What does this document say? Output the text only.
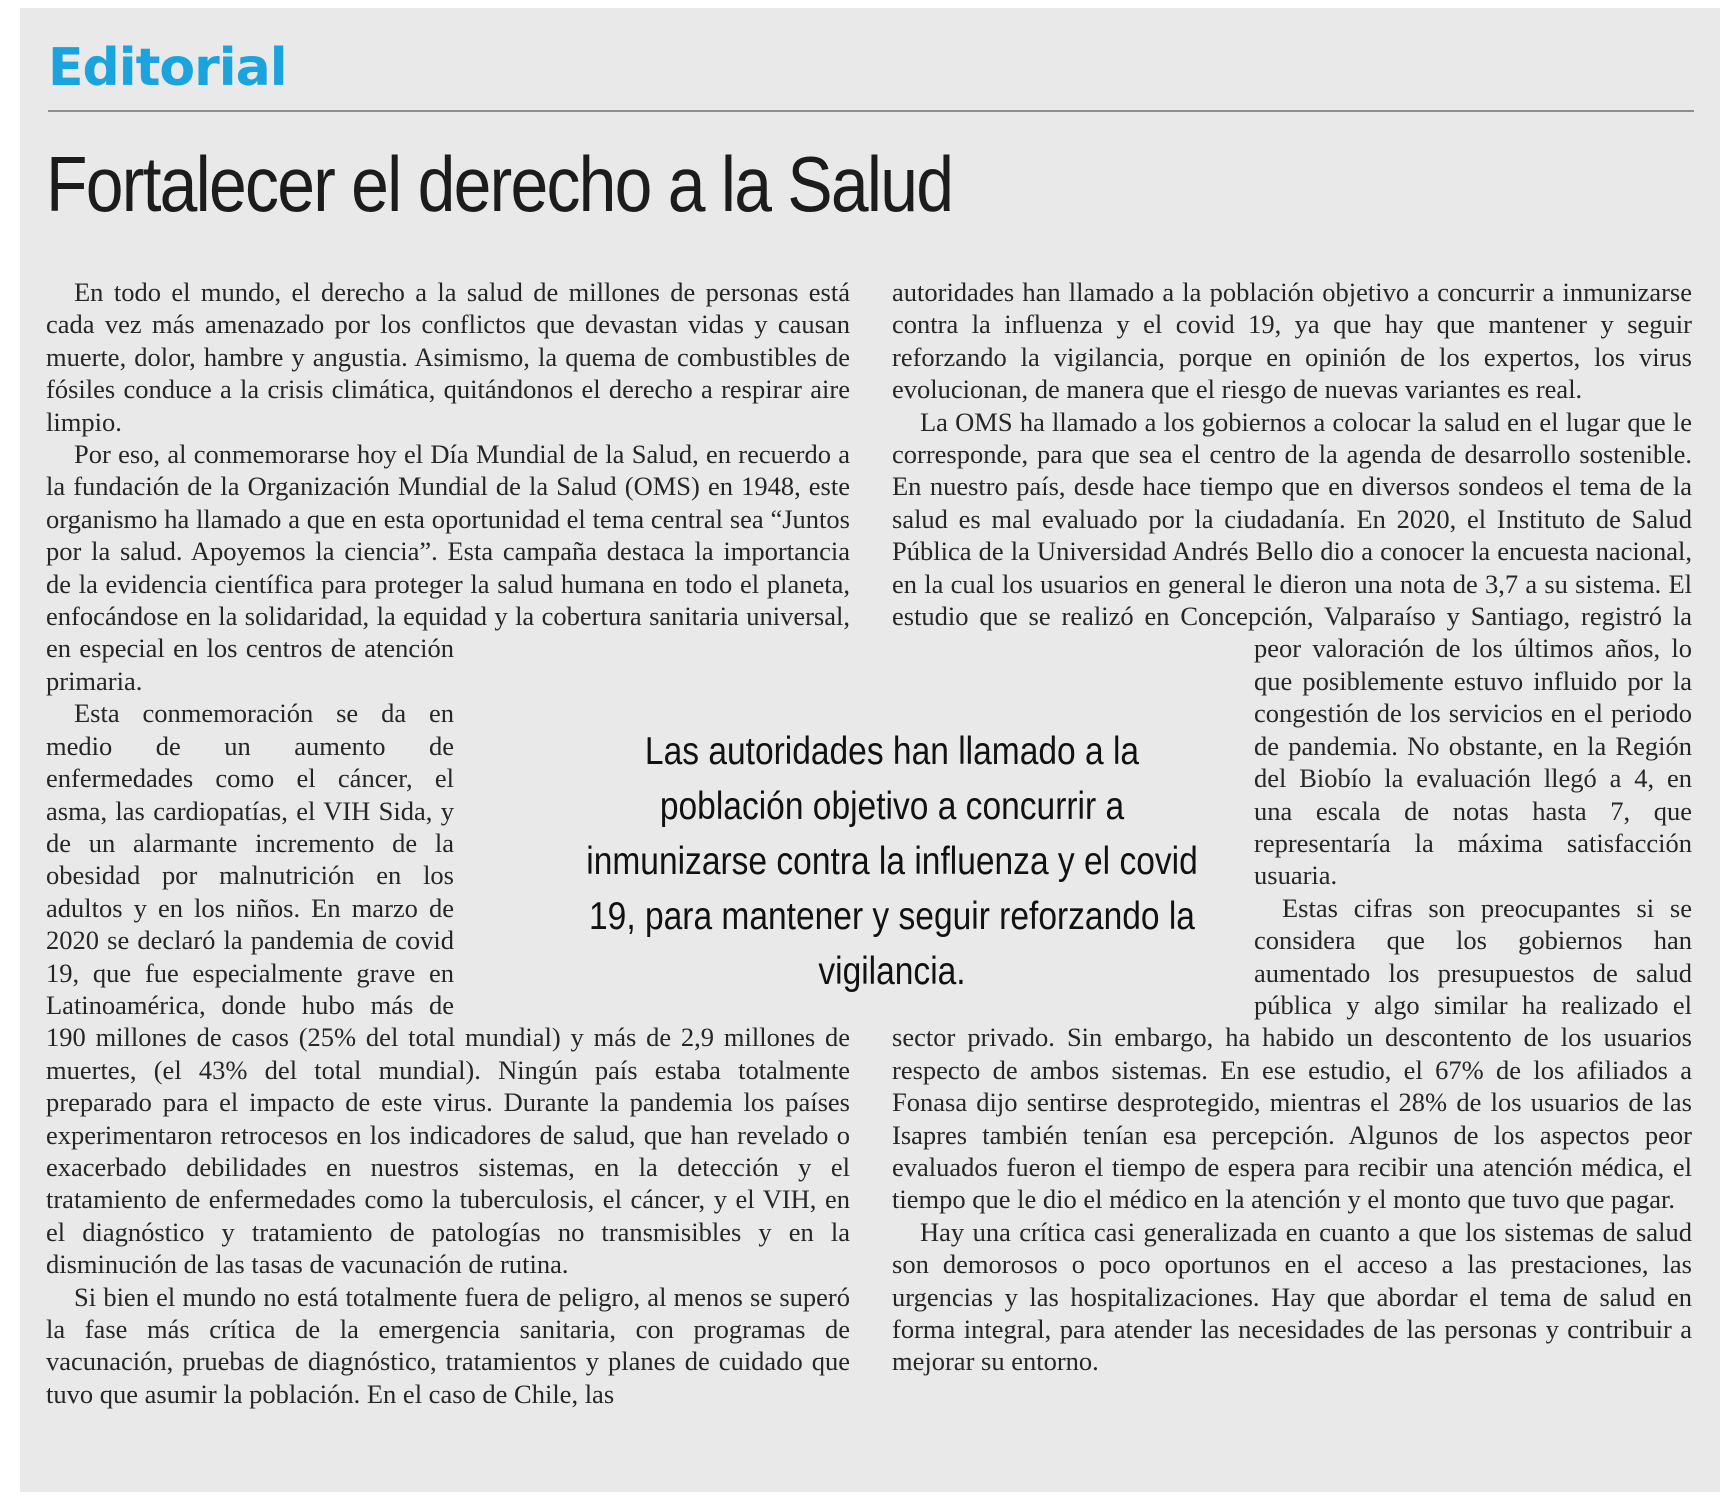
Editorial
Fortalecer el derecho a la Salud

En todo el mundo, el derecho a la salud de millones de personas está cada vez más amenazado por los conflictos que devastan vidas y causan muerte, dolor, hambre y angustia. Asimismo, la quema de combustibles de fósiles conduce a la crisis climática, quitándonos el derecho a respirar aire limpio.

Por eso, al conmemorarse hoy el Día Mundial de la Salud, en recuerdo a la fundación de la Organización Mundial de la Salud (OMS) en 1948, este organismo ha llamado a que en esta oportunidad el tema central sea “Juntos por la salud. Apoyemos la ciencia”. Esta campaña destaca la importancia de la evidencia científica para proteger la salud humana en todo el planeta, enfocándose en la solidaridad, la equidad y la cobertura sanitaria universal, en especial en los centros de atención primaria.

Esta conmemoración se da en medio de un aumento de enfermedades como el cáncer, el asma, las cardiopatías, el VIH Sida, y de un alarmante incremento de la obesidad por malnutrición en los adultos y en los niños. En marzo de 2020 se declaró la pandemia de covid 19, que fue especialmente grave en Latinoamérica, donde hubo más de 190 millones de casos (25% del total mundial) y más de 2,9 millones de muertes, (el 43% del total mundial). Ningún país estaba totalmente preparado para el impacto de este virus. Durante la pandemia los países experimentaron retrocesos en los indicadores de salud, que han revelado o exacerbado debilidades en nuestros sistemas, en la detección y el tratamiento de enfermedades como la tuberculosis, el cáncer, y el VIH, en el diagnóstico y tratamiento de patologías no transmisibles y en la disminución de las tasas de vacunación de rutina.

Si bien el mundo no está totalmente fuera de peligro, al menos se superó la fase más crítica de la emergencia sanitaria, con programas de vacunación, pruebas de diagnóstico, tratamientos y planes de cuidado que tuvo que asumir la población. En el caso de Chile, las

autoridades han llamado a la población objetivo a concurrir a inmunizarse contra la influenza y el covid 19, ya que hay que mantener y seguir reforzando la vigilancia, porque en opinión de los expertos, los virus evolucionan, de manera que el riesgo de nuevas variantes es real.

La OMS ha llamado a los gobiernos a colocar la salud en el lugar que le corresponde, para que sea el centro de la agenda de desarrollo sostenible. En nuestro país, desde hace tiempo que en diversos sondeos el tema de la salud es mal evaluado por la ciudadanía. En 2020, el Instituto de Salud Pública de la Universidad Andrés Bello dio a conocer la encuesta nacional, en la cual los usuarios en general le dieron una nota de 3,7 a su sistema. El estudio que se realizó en Concepción, Valparaíso y Santiago, registró la peor valoración de los últimos años, lo que posiblemente estuvo influido por la congestión de los servicios en el periodo de pandemia. No obstante, en la Región del Biobío la evaluación llegó a 4, en una escala de notas hasta 7, que representaría la máxima satisfacción usuaria.

Estas cifras son preocupantes si se considera que los gobiernos han aumentado los presupuestos de salud pública y algo similar ha realizado el sector privado. Sin embargo, ha habido un descontento de los usuarios respecto de ambos sistemas. En ese estudio, el 67% de los afiliados a Fonasa dijo sentirse desprotegido, mientras el 28% de los usuarios de las Isapres también tenían esa percepción. Algunos de los aspectos peor evaluados fueron el tiempo de espera para recibir una atención médica, el tiempo que le dio el médico en la atención y el monto que tuvo que pagar.

Hay una crítica casi generalizada en cuanto a que los sistemas de salud son demorosos o poco oportunos en el acceso a las prestaciones, las urgencias y las hospitalizaciones. Hay que abordar el tema de salud en forma integral, para atender las necesidades de las personas y contribuir a mejorar su entorno.

Las autoridades han llamado a la población objetivo a concurrir a inmunizarse contra la influenza y el covid 19, para mantener y seguir reforzando la vigilancia.
